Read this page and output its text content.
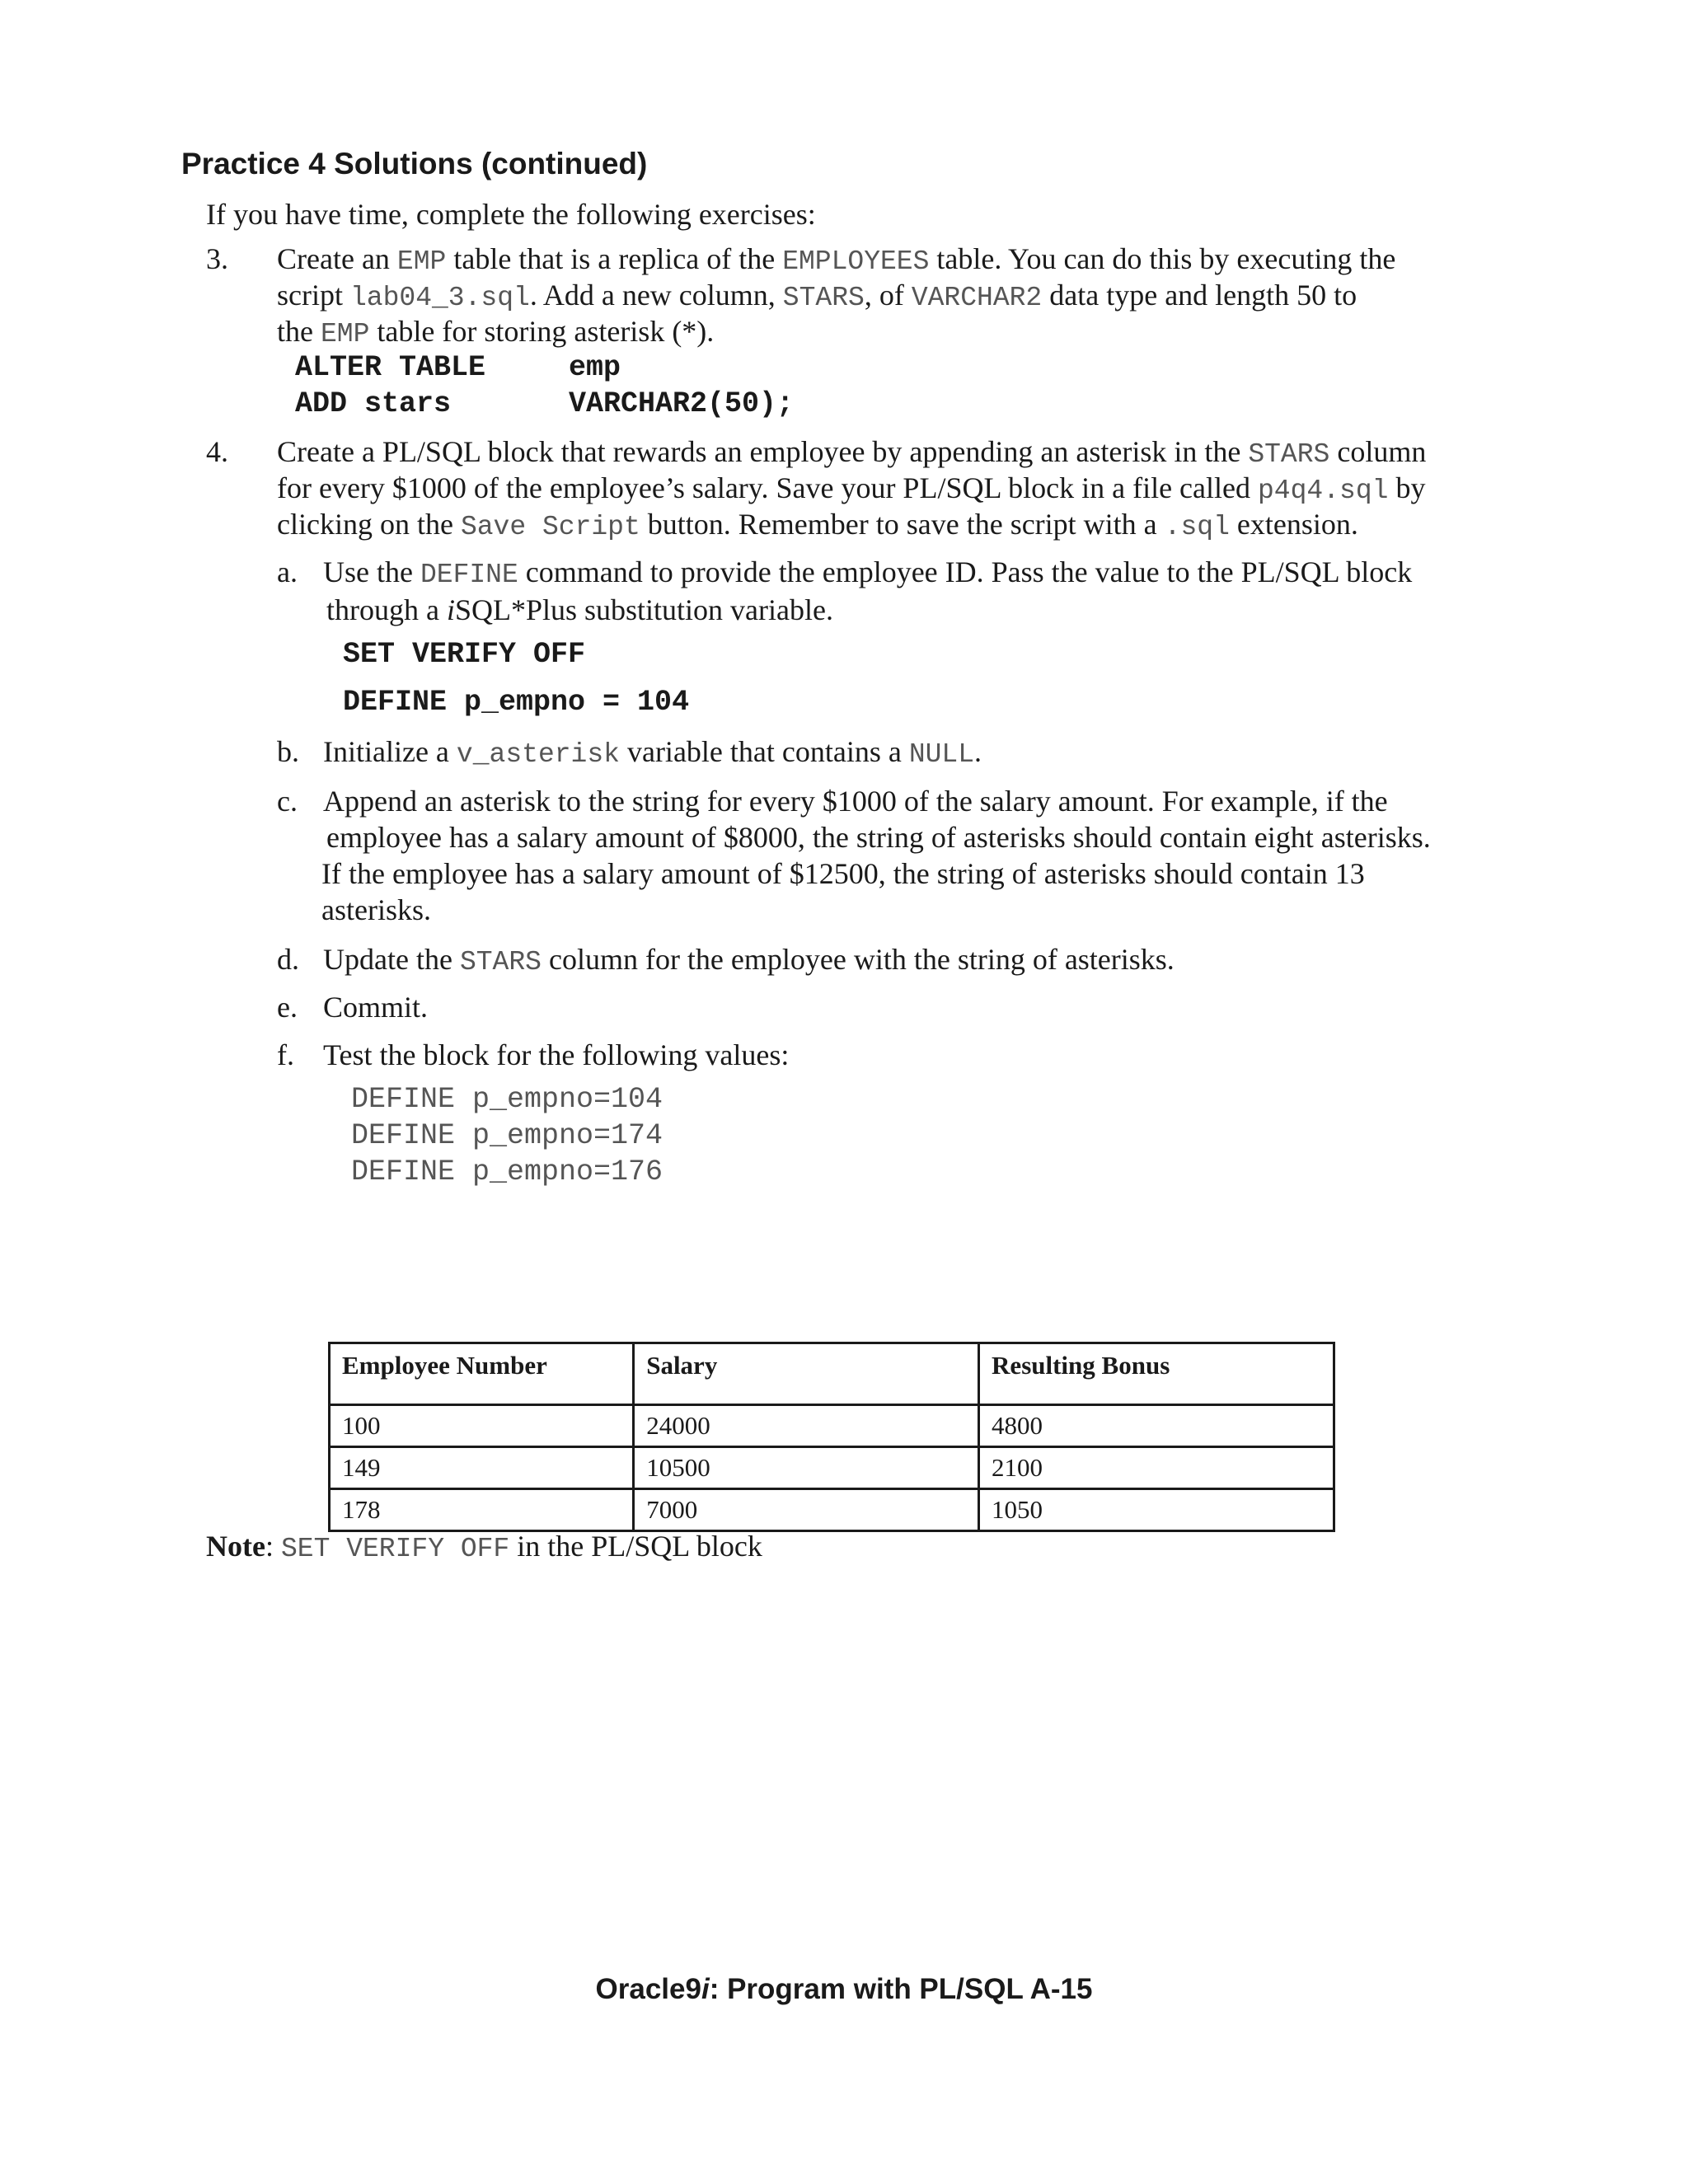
Practice 4 Solutions (continued)
If you have time, complete the following exercises:
3. Create an EMP table that is a replica of the EMPLOYEES table. You can do this by executing the
script lab04_3.sql. Add a new column, STARS, of VARCHAR2 data type and length 50 to
the EMP table for storing asterisk (*).
ALTER TABLE	emp
ADD stars	VARCHAR2(50);
4. Create a PL/SQL block that rewards an employee by appending an asterisk in the STARS column
for every $1000 of the employee’s salary. Save your PL/SQL block in a file called p4q4.sql by
clicking on the Save Script button. Remember to save the script with a .sql extension.
a. Use the DEFINE command to provide the employee ID. Pass the value to the PL/SQL block
through a iSQL*Plus substitution variable.
SET VERIFY OFF
DEFINE p_empno = 104
b. Initialize a v_asterisk variable that contains a NULL.
c. Append an asterisk to the string for every $1000 of the salary amount. For example, if the
employee has a salary amount of $8000, the string of asterisks should contain eight asterisks.
If the employee has a salary amount of $12500, the string of asterisks should contain 13
asterisks.
d. Update the STARS column for the employee with the string of asterisks.
e. Commit.
f. Test the block for the following values:
DEFINE p_empno=104
DEFINE p_empno=174
DEFINE p_empno=176
Employee Number	Salary	Resulting Bonus
100	24000	4800
149	10500	2100
178	7000	1050
Note: SET VERIFY OFF in the PL/SQL block
Oracle9i: Program with PL/SQL A-15
